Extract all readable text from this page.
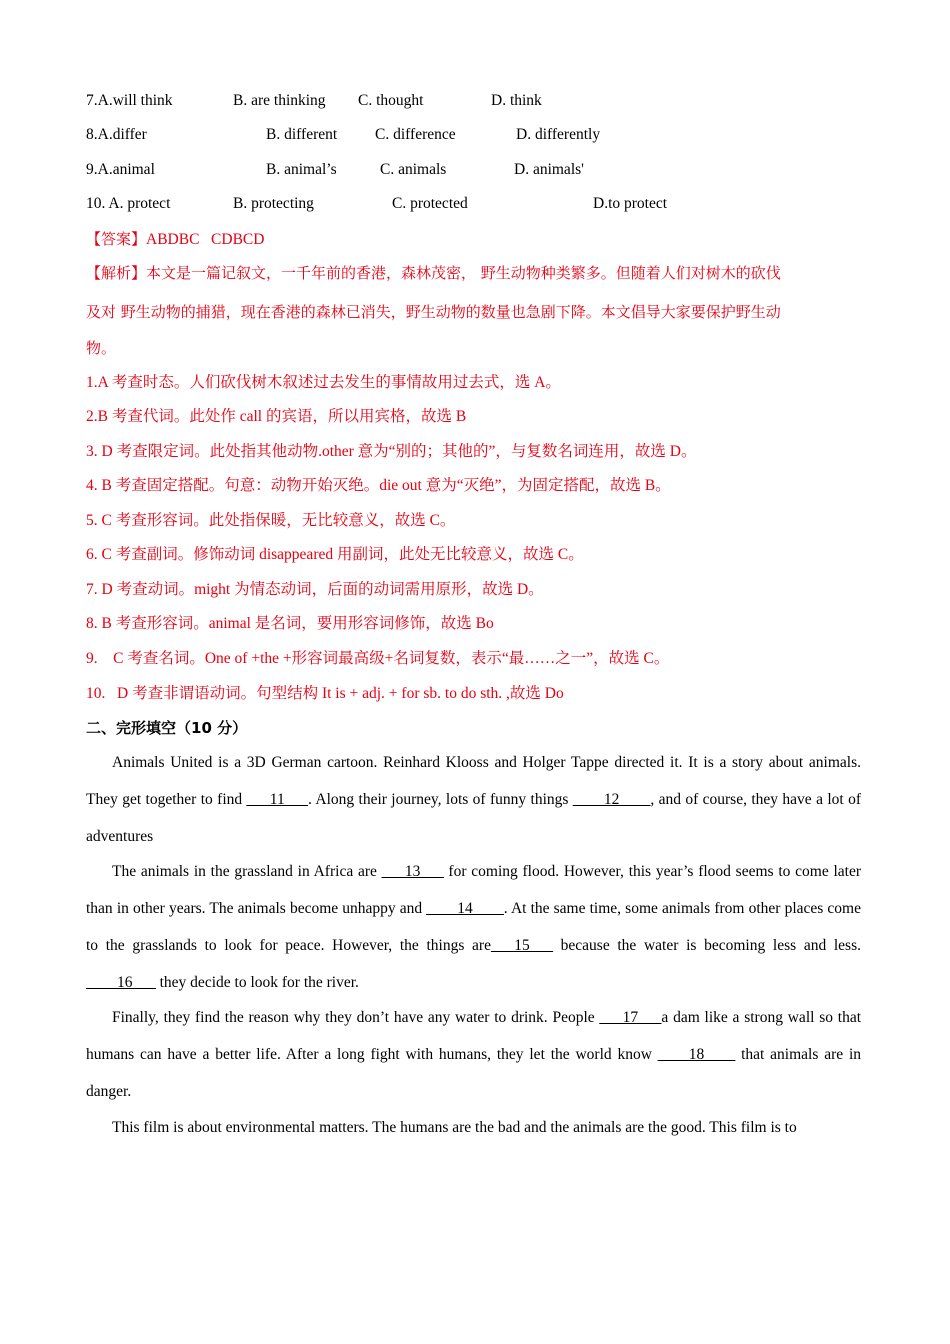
7.A.will think	B. are thinking C. thought	D. think
8.A.differ	B. different C. difference	D. differently
9.A.animal	B. animal’s	C. animals	D. animals'
10. A. protect	B. protecting	C. protected	D.to protect
【答案】ABDBC   CDBCD
【解析】本文是一篇记叙文，一千年前的香港，森林茂密， 野生动物种类繁多。但随着人们对树木的砍伐
及对 野生动物的捕猎，现在香港的森林已消失，野生动物的数量也急剧下降。本文倡导大家要保护野生动
物。
1.A 考查时态。人们砍伐树木叙述过去发生的事情故用过去式，选 A。
2.B 考查代词。此处作 call 的宾语，所以用宾格，故选 B
3. D 考查限定词。此处指其他动物.other 意为“别的；其他的”，与复数名词连用，故选 D。
4. B 考查固定搭配。句意：动物开始灭绝。die out 意为“灭绝”，为固定搭配，故选 B。
5. C 考查形容词。此处指保暖，无比较意义，故选 C。
6. C 考查副词。修饰动词 disappeared 用副词，此处无比较意义，故选 C。
7. D 考查动词。might 为情态动词，后面的动词需用原形，故选 D。
8. B 考查形容词。animal 是名词，要用形容词修饰，故选 Bo
9.    C 考查名词。One of +the +形容词最高级+名词复数，表示“最……之一”，故选 C。
10.   D 考查非谓语动词。句型结构 It is + adj. + for sb. to do sth. ,故选 Do
二、完形填空（10 分）
Animals United is a 3D German cartoon. Reinhard Klooss and Holger Tappe directed it. It is a story about animals. They get together to find ___11___. Along their journey, lots of funny things ____12____, and of course, they have a lot of adventures
The animals in the grassland in Africa are ___13___ for coming flood. However, this year’s flood seems to come later than in other years. The animals become unhappy and ____14____. At the same time, some animals from other places come to the grasslands to look for peace. However, the things are___15___ because the water is becoming less and less. ____16___ they decide to look for the river.
Finally, they find the reason why they don’t have any water to drink. People ___17___a dam like a strong wall so that humans can have a better life. After a long fight with humans, they let the world know ____18____ that animals are in danger.
This film is about environmental matters. The humans are the bad and the animals are the good. This film is to
